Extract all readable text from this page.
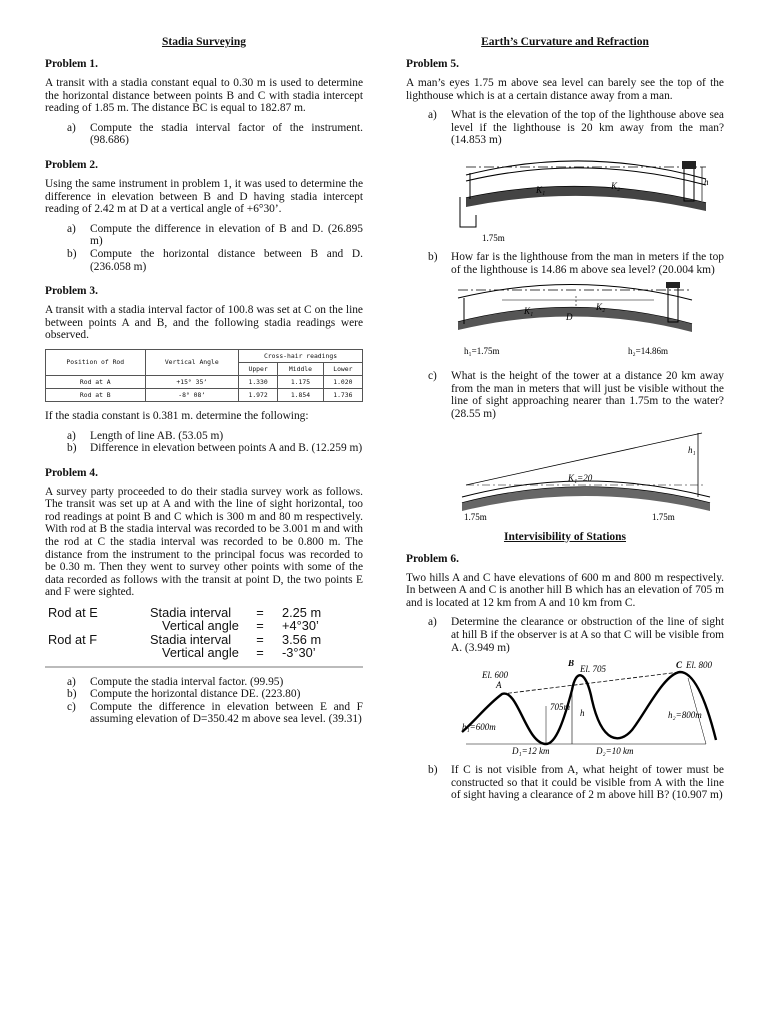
Stadia Surveying
Problem 1.
A transit with a stadia constant equal to 0.30 m is used to determine the horizontal distance between points B and C with stadia intercept reading of 1.85 m. The distance BC is equal to 182.87 m.
a) Compute the stadia interval factor of the instrument. (98.686)
Problem 2.
Using the same instrument in problem 1, it was used to determine the difference in elevation between B and D having stadia intercept reading of 2.42 m at D at a vertical angle of +6°30’.
a) Compute the difference in elevation of B and D. (26.895 m)
b) Compute the horizontal distance between B and D. (236.058 m)
Problem 3.
A transit with a stadia interval factor of 100.8 was set at C on the line between points A and B, and the following stadia readings were observed.
Position of Rod	Vertical Angle	Cross-hair readings		
		Upper	Middle	Lower
Rod at A	+15° 35’	1.330	1.175	1.020
Rod at B	-8° 08’	1.972	1.854	1.736
If the stadia constant is 0.381 m. determine the following:
a) Length of line AB. (53.05 m)
b) Difference in elevation between points A and B. (12.259 m)
Problem 4.
A survey party proceeded to do their stadia survey work as follows. The transit was set up at A and with the line of sight horizontal, too rod readings at point B and C which is 300 m and 80 m respectively. With rod at B the stadia interval was recorded to be 3.001 m and with the rod at C the stadia interval was recorded to be 0.800 m. The distance from the instrument to the principal focus was recorded to be 0.30 m. Then they went to survey other points with some of the data recorded as follows with the transit at point D, the two points E and F were sighted.
Rod at E	Stadia interval	=	2.25 m
Vertical angle	=	+4°30’
Rod at F	Stadia interval	=	3.56 m
Vertical angle	=	-3°30’
a) Compute the stadia interval factor. (99.95)
b) Compute the horizontal distance DE. (223.80)
c) Compute the difference in elevation between E and F assuming elevation of D=350.42 m above sea level. (39.31)
Earth’s Curvature and Refraction
Problem 5.
A man’s eyes 1.75 m above sea level can barely see the top of the lighthouse which is at a certain distance away from a man.
a) What is the elevation of the top of the lighthouse above sea level if the lighthouse is 20 km away from the man? (14.853 m)
K₁	K₂	h
1.75m
b) How far is the lighthouse from the man in meters if the top of the lighthouse is 14.86 m above sea level? (20.004 km)
K₁	K₂
D
h₁=1.75m	h₂=14.86m
c) What is the height of the tower at a distance 20 km away from the man in meters that will just be visible without the line of sight approaching nearer than 1.75m to the water? (28.55 m)
h₁
K₁=20
1.75m	1.75m
Intervisibility of Stations
Problem 6.
Two hills A and C have elevations of 600 m and 800 m respectively. In between A and C is another hill B which has an elevation of 705 m and is located at 12 km from A and 10 km from C.
a) Determine the clearance or obstruction of the line of sight at hill B if the observer is at A so that C will be visible from A. (3.949 m)
A
B	C
El. 600
El. 705	El. 800
705m
h
h₁=600m
h₂=800m
D₁=12 km	D₂=10 km
b) If C is not visible from A, what height of tower must be constructed so that it could be visible from A with the line of sight having a clearance of 2 m above hill B? (10.907 m)
